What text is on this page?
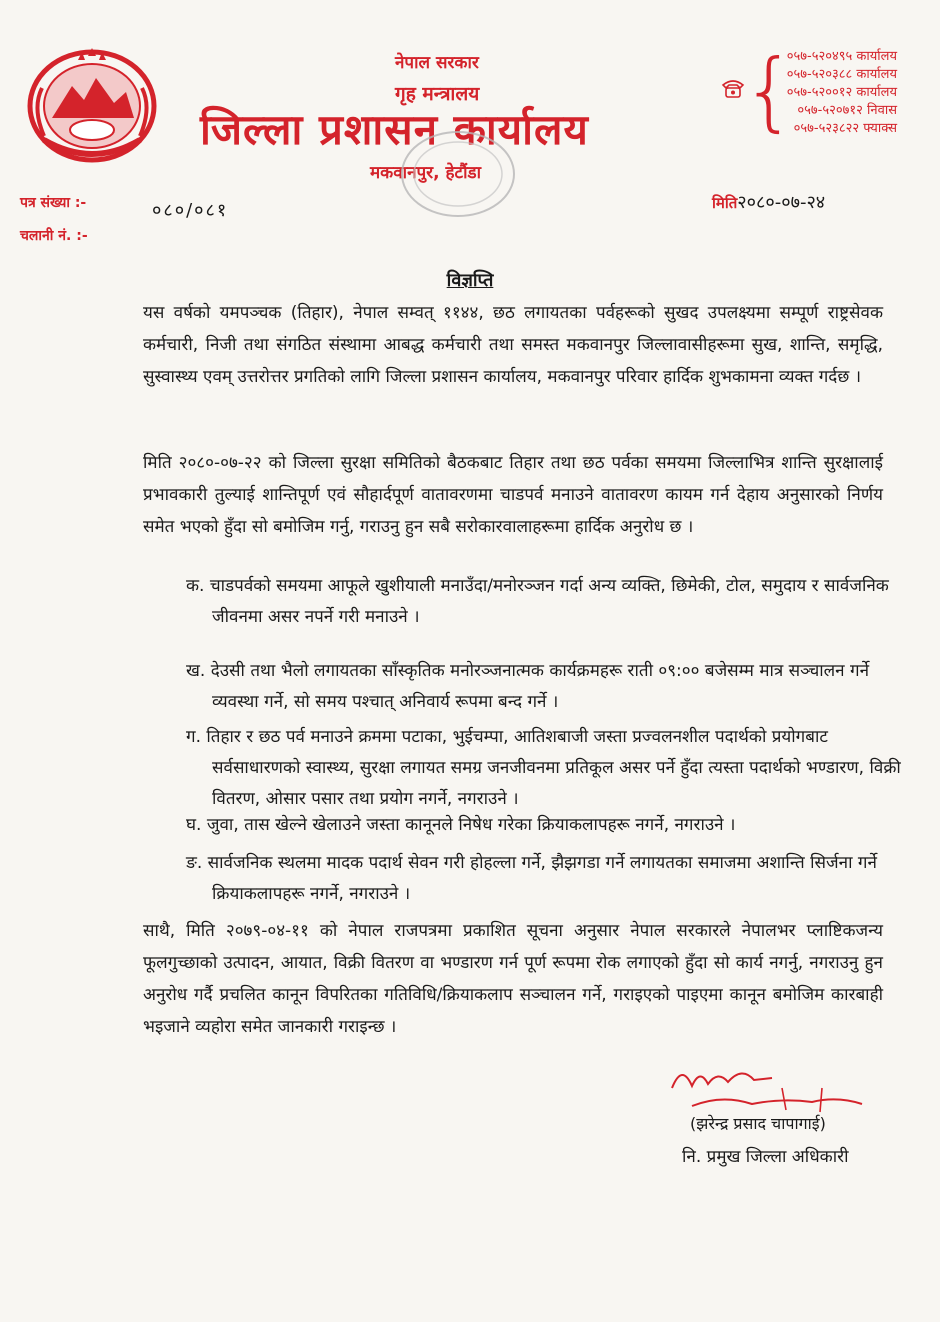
नेपाल सरकार
गृह मन्त्रालय
जिल्ला प्रशासन कार्यालय
मकवानपुर, हेटौंडा
{
०५७-५२०४९५ कार्यालय
०५७-५२०३८८ कार्यालय
०५७-५२००१२ कार्यालय
०५७-५२०७१२ निवास
०५७-५२३८२२ फ्याक्स
पत्र संख्या :-
चलानी नं. :-
०८०/०८१	मिति२०८०-०७-२४
विज्ञप्ति

यस वर्षको यमपञ्चक (तिहार), नेपाल सम्वत् ११४४, छठ लगायतका पर्वहरूको सुखद उपलक्ष्यमा सम्पूर्ण राष्ट्रसेवक कर्मचारी, निजी तथा संगठित संस्थामा आबद्ध कर्मचारी तथा समस्त मकवानपुर जिल्लावासीहरूमा सुख, शान्ति, समृद्धि, सुस्वास्थ्य एवम् उत्तरोत्तर प्रगतिको लागि जिल्ला प्रशासन कार्यालय, मकवानपुर परिवार हार्दिक शुभकामना व्यक्त गर्दछ ।

मिति २०८०-०७-२२ को जिल्ला सुरक्षा समितिको बैठकबाट तिहार तथा छठ पर्वका समयमा जिल्लाभित्र शान्ति सुरक्षालाई प्रभावकारी तुल्याई शान्तिपूर्ण एवं सौहार्दपूर्ण वातावरणमा चाडपर्व मनाउने वातावरण कायम गर्न देहाय अनुसारको निर्णय समेत भएको हुँदा सो बमोजिम गर्नु, गराउनु हुन सबै सरोकारवालाहरूमा हार्दिक अनुरोध छ ।

क. चाडपर्वको समयमा आफूले खुशीयाली मनाउँदा/मनोरञ्जन गर्दा अन्य व्यक्ति, छिमेकी, टोल, समुदाय र सार्वजनिक जीवनमा असर नपर्ने गरी मनाउने ।

ख. देउसी तथा भैलो लगायतका साँस्कृतिक मनोरञ्जनात्मक कार्यक्रमहरू राती ०९:०० बजेसम्म मात्र सञ्चालन गर्ने व्यवस्था गर्ने, सो समय पश्चात् अनिवार्य रूपमा बन्द गर्ने ।

ग. तिहार र छठ पर्व मनाउने क्रममा पटाका, भुईचम्पा, आतिशबाजी जस्ता प्रज्वलनशील पदार्थको प्रयोगबाट सर्वसाधारणको स्वास्थ्य, सुरक्षा लगायत समग्र जनजीवनमा प्रतिकूल असर पर्ने हुँदा त्यस्ता पदार्थको भण्डारण, विक्री वितरण, ओसार पसार तथा प्रयोग नगर्ने, नगराउने ।

घ. जुवा, तास खेल्ने खेलाउने जस्ता कानूनले निषेध गरेका क्रियाकलापहरू नगर्ने, नगराउने ।

ङ. सार्वजनिक स्थलमा मादक पदार्थ सेवन गरी होहल्ला गर्ने, झैझगडा गर्ने लगायतका समाजमा अशान्ति सिर्जना गर्ने क्रियाकलापहरू नगर्ने, नगराउने ।

साथै, मिति २०७९-०४-११ को नेपाल राजपत्रमा प्रकाशित सूचना अनुसार नेपाल सरकारले नेपालभर प्लाष्टिकजन्य फूलगुच्छाको उत्पादन, आयात, विक्री वितरण वा भण्डारण गर्न पूर्ण रूपमा रोक लगाएको हुँदा सो कार्य नगर्नु, नगराउनु हुन अनुरोध गर्दै प्रचलित कानून विपरितका गतिविधि/क्रियाकलाप सञ्चालन गर्ने, गराइएको पाइएमा कानून बमोजिम कारबाही भइजाने व्यहोरा समेत जानकारी गराइन्छ ।

(झरेन्द्र प्रसाद चापागाई)
नि. प्रमुख जिल्ला अधिकारी
